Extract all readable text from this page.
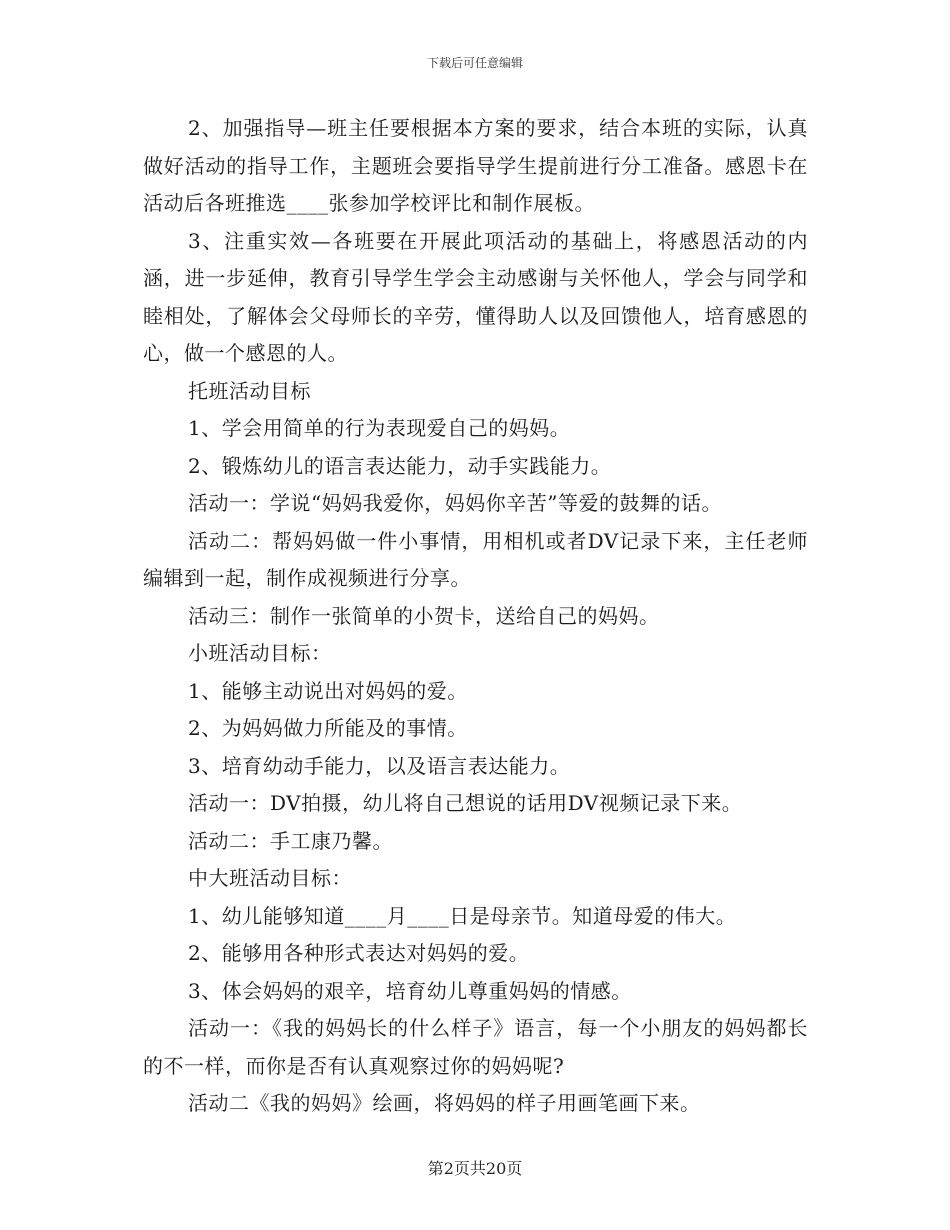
下载后可任意编辑

2、加强指导—班主任要根据本方案的要求，结合本班的实际，认真做好活动的指导工作，主题班会要指导学生提前进行分工准备。感恩卡在活动后各班推选____张参加学校评比和制作展板。

3、注重实效—各班要在开展此项活动的基础上，将感恩活动的内涵，进一步延伸，教育引导学生学会主动感谢与关怀他人，学会与同学和睦相处，了解体会父母师长的辛劳，懂得助人以及回馈他人，培育感恩的心，做一个感恩的人。

托班活动目标

1、学会用简单的行为表现爱自己的妈妈。

2、锻炼幼儿的语言表达能力，动手实践能力。

活动一：学说“妈妈我爱你，妈妈你辛苦”等爱的鼓舞的话。

活动二：帮妈妈做一件小事情，用相机或者DV记录下来，主任老师编辑到一起，制作成视频进行分享。

活动三：制作一张简单的小贺卡，送给自己的妈妈。

小班活动目标：

1、能够主动说出对妈妈的爱。

2、为妈妈做力所能及的事情。

3、培育幼动手能力，以及语言表达能力。

活动一：DV拍摄，幼儿将自己想说的话用DV视频记录下来。

活动二：手工康乃馨。

中大班活动目标：

1、幼儿能够知道____月____日是母亲节。知道母爱的伟大。

2、能够用各种形式表达对妈妈的爱。

3、体会妈妈的艰辛，培育幼儿尊重妈妈的情感。

活动一：《我的妈妈长的什么样子》语言，每一个小朋友的妈妈都长的不一样，而你是否有认真观察过你的妈妈呢?

活动二《我的妈妈》绘画，将妈妈的样子用画笔画下来。

第2页共20页
